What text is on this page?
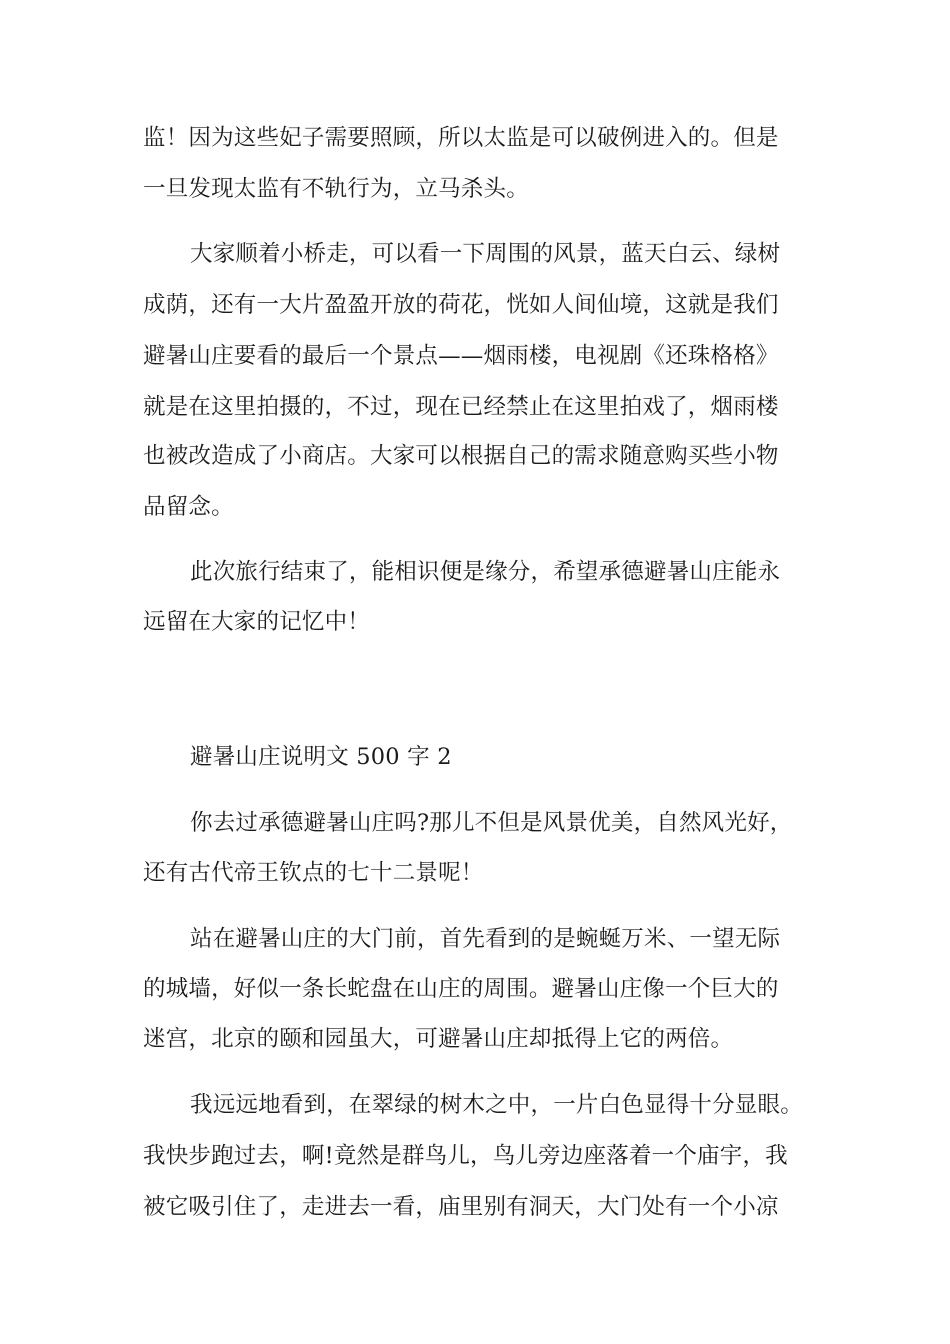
监！因为这些妃子需要照顾，所以太监是可以破例进入的。但是
一旦发现太监有不轨行为，立马杀头。
大家顺着小桥走，可以看一下周围的风景，蓝天白云、绿树
成荫，还有一大片盈盈开放的荷花，恍如人间仙境，这就是我们
避暑山庄要看的最后一个景点——烟雨楼，电视剧《还珠格格》
就是在这里拍摄的，不过，现在已经禁止在这里拍戏了，烟雨楼
也被改造成了小商店。大家可以根据自己的需求随意购买些小物
品留念。
此次旅行结束了，能相识便是缘分，希望承德避暑山庄能永
远留在大家的记忆中！
避暑山庄说明文 500 字 2
你去过承德避暑山庄吗?那儿不但是风景优美，自然风光好，
还有古代帝王钦点的七十二景呢！
站在避暑山庄的大门前，首先看到的是蜿蜒万米、一望无际
的城墙，好似一条长蛇盘在山庄的周围。避暑山庄像一个巨大的
迷宫，北京的颐和园虽大，可避暑山庄却抵得上它的两倍。
我远远地看到，在翠绿的树木之中，一片白色显得十分显眼。
我快步跑过去，啊!竟然是群鸟儿，鸟儿旁边座落着一个庙宇，我
被它吸引住了，走进去一看，庙里别有洞天，大门处有一个小凉
